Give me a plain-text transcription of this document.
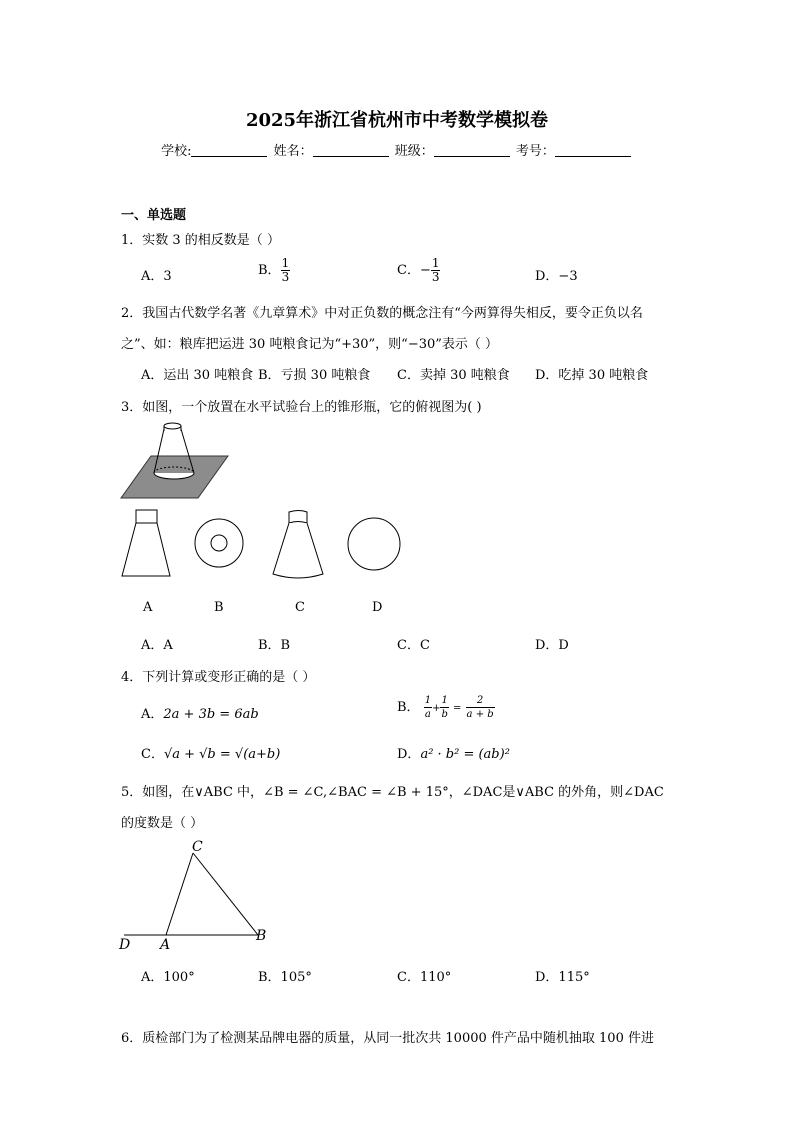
2025年浙江省杭州市中考数学模拟卷
学校:	姓名：	班级：	考号：
一、单选题
1．实数 3 的相反数是（ ）
A．3	B． $\frac{1}{3}$	C．− $\frac{1}{3}$	D．−3
2．我国古代数学名著《九章算术》中对正负数的概念注有“今两算得失相反，要令正负以名
之”、如：粮库把运进 30 吨粮食记为“+30”，则“−30”表示（ ）
A．运出 30 吨粮食 B．亏损 30 吨粮食 C．卖掉 30 吨粮食 D．吃掉 30 吨粮食
3．如图，一个放置在水平试验台上的锥形瓶，它的俯视图为( )
A	B	C	D
A．A	B．B	C．C	D．D
4．下列计算或变形正确的是（ ）
A．2a + 3b = 6ab	B． $\frac{1}{a} + \frac{1}{b} = \frac{2}{a + b}$
C．√a + √b = √(a+b)	D．a² · b² = (ab)²
5．如图，在∨ABC 中，∠B = ∠C,∠BAC = ∠B + 15°，∠DAC是∨ABC 的外角，则∠DAC
的度数是（ ）
C
D A
B
A．100°	B．105°	C．110°	D．115°
6．质检部门为了检测某品牌电器的质量，从同一批次共 10000 件产品中随机抽取 100 件进
